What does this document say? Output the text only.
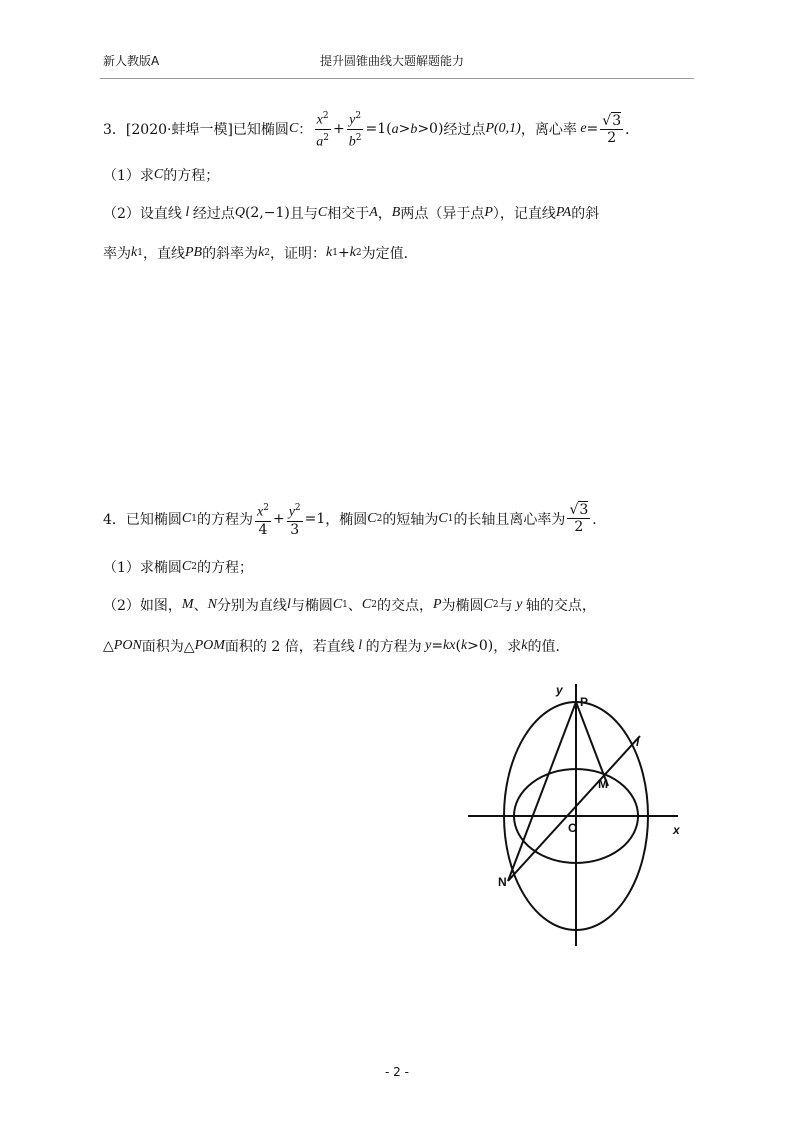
新人教版A	提升圆锥曲线大题解题能力
3． [2020·蚌埠一模]已知椭圆 C ： $\frac{x^2}{a^2} + \frac{y^2}{b^2} =1(a>b>0)$ 经过点 P(0,1) ，离心率 $e = \frac{√3}{2}$ ．
（1）求 C 的方程；
（2）设直线 l 经过点 Q (2,−1) 且与 C 相交于 A ， B 两点（异于点 P ），记直线 PA 的斜
率为 k 1 ，直线 PB 的斜率为 k 2 ，证明： k 1 + k 2 为定值．
4．已知椭圆 C 1 的方程为 $\frac{x^2}{4} + \frac{y^2}{3} =1$ ，椭圆 C 2 的短轴为 C 1 的长轴且离心率为 $\frac{√3}{2}$ ．
（1）求椭圆 C 2 的方程；
（2）如图， M 、 N 分别为直线 l 与椭圆 C 1 、 C 2 的交点， P 为椭圆 C 2 与 y 轴的交点，
△ PON 面积为△ POM 面积的 2 倍，若直线 l 的方程为 y = kx ( k >0) ，求 k 的值．
y
P
l
M
O	x
N
- 2 -
